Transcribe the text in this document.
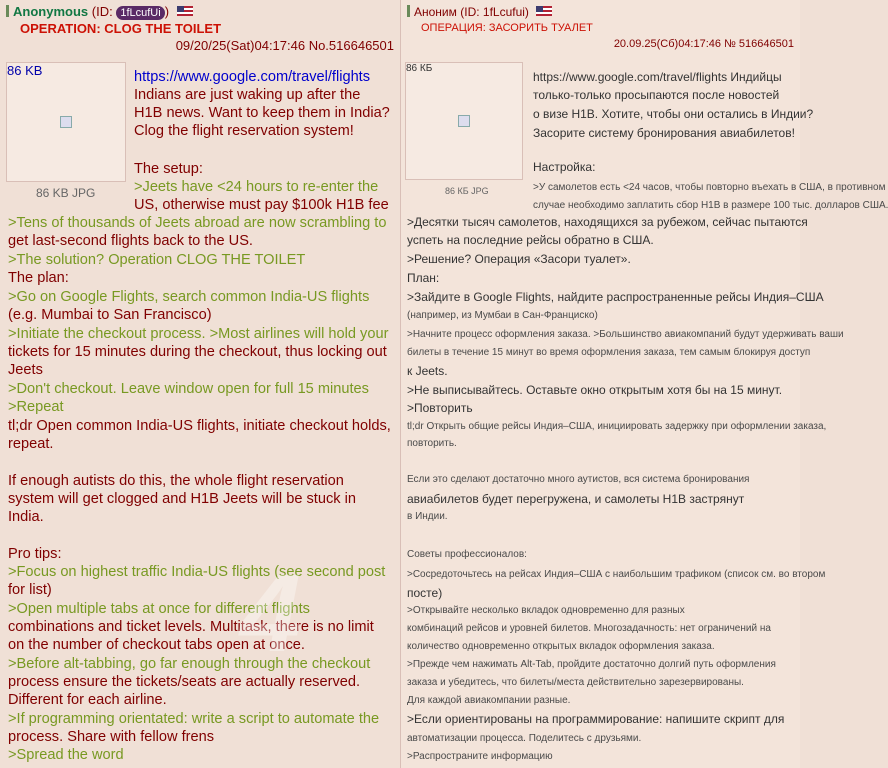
Anonymous (ID: 1fLcufUi )
OPERATION: CLOG THE TOILET
09/20/25(Sat)04:17:46 No.516646501
86 KB
86 KB JPG
https://www.google.com/travel/flights
Indians are just waking up after the
H1B news. Want to keep them in India?
Clog the flight reservation system!
The setup:
>Jeets have <24 hours to re-enter the
US, otherwise must pay $100k H1B fee
>Tens of thousands of Jeets abroad are now scrambling to
get last-second flights back to the US.
>The solution? Operation CLOG THE TOILET
The plan:
>Go on Google Flights, search common India-US flights
(e.g. Mumbai to San Francisco)
>Initiate the checkout process. >Most airlines will hold your
tickets for 15 minutes during the checkout, thus locking out
Jeets
>Don't checkout. Leave window open for full 15 minutes
>Repeat
tl;dr Open common India-US flights, initiate checkout holds,
repeat.
If enough autists do this, the whole flight reservation
system will get clogged and H1B Jeets will be stuck in
India.
Pro tips:
>Focus on highest traffic India-US flights (see second post
for list)
>Open multiple tabs at once for different flights
combinations and ticket levels. Multitask, there is no limit
on the number of checkout tabs open at once.
>Before alt-tabbing, go far enough through the checkout
process ensure the tickets/seats are actually reserved.
Different for each airline.
>If programming orientated: write a script to automate the
process. Share with fellow frens
>Spread the word
4
Аноним (ID: 1fLcufui)
ОПЕРАЦИЯ: ЗАСОРИТЬ ТУАЛЕТ
20.09.25(Сб)04:17:46 № 516646501
86 КБ
86 КБ JPG
https://www.google.com/travel/flights Индийцы
только-только просыпаются после новостей
о визе H1B. Хотите, чтобы они остались в Индии?
Засорите систему бронирования авиабилетов!
Настройка:
>У самолетов есть <24 часов, чтобы повторно въехать в США, в противном
случае необходимо заплатить сбор H1B в размере 100 тыс. долларов США.
>Десятки тысяч самолетов, находящихся за рубежом, сейчас пытаются
успеть на последние рейсы обратно в США.
>Решение? Операция «Засори туалет».
План:
>Зайдите в Google Flights, найдите распространенные рейсы Индия–США
(например, из Мумбаи в Сан-Франциско)
>Начните процесс оформления заказа. >Большинство авиакомпаний будут удерживать ваши
билеты в течение 15 минут во время оформления заказа, тем самым блокируя доступ
к Jeets.
>Не выписывайтесь. Оставьте окно открытым хотя бы на 15 минут.
>Повторить
tl;dr Открыть общие рейсы Индия–США, инициировать задержку при оформлении заказа,
повторить.
Если это сделают достаточно много аутистов, вся система бронирования
авиабилетов будет перегружена, и самолеты H1B застрянут
в Индии.
Советы профессионалов:
>Сосредоточьтесь на рейсах Индия–США с наибольшим трафиком (список см. во втором
посте)
>Открывайте несколько вкладок одновременно для разных
комбинаций рейсов и уровней билетов. Многозадачность: нет ограничений на
количество одновременно открытых вкладок оформления заказа.
>Прежде чем нажимать Alt-Tab, пройдите достаточно долгий путь оформления
заказа и убедитесь, что билеты/места действительно зарезервированы.
Для каждой авиакомпании разные.
>Если ориентированы на программирование: напишите скрипт для
автоматизации процесса. Поделитесь с друзьями.
>Распространите информацию
